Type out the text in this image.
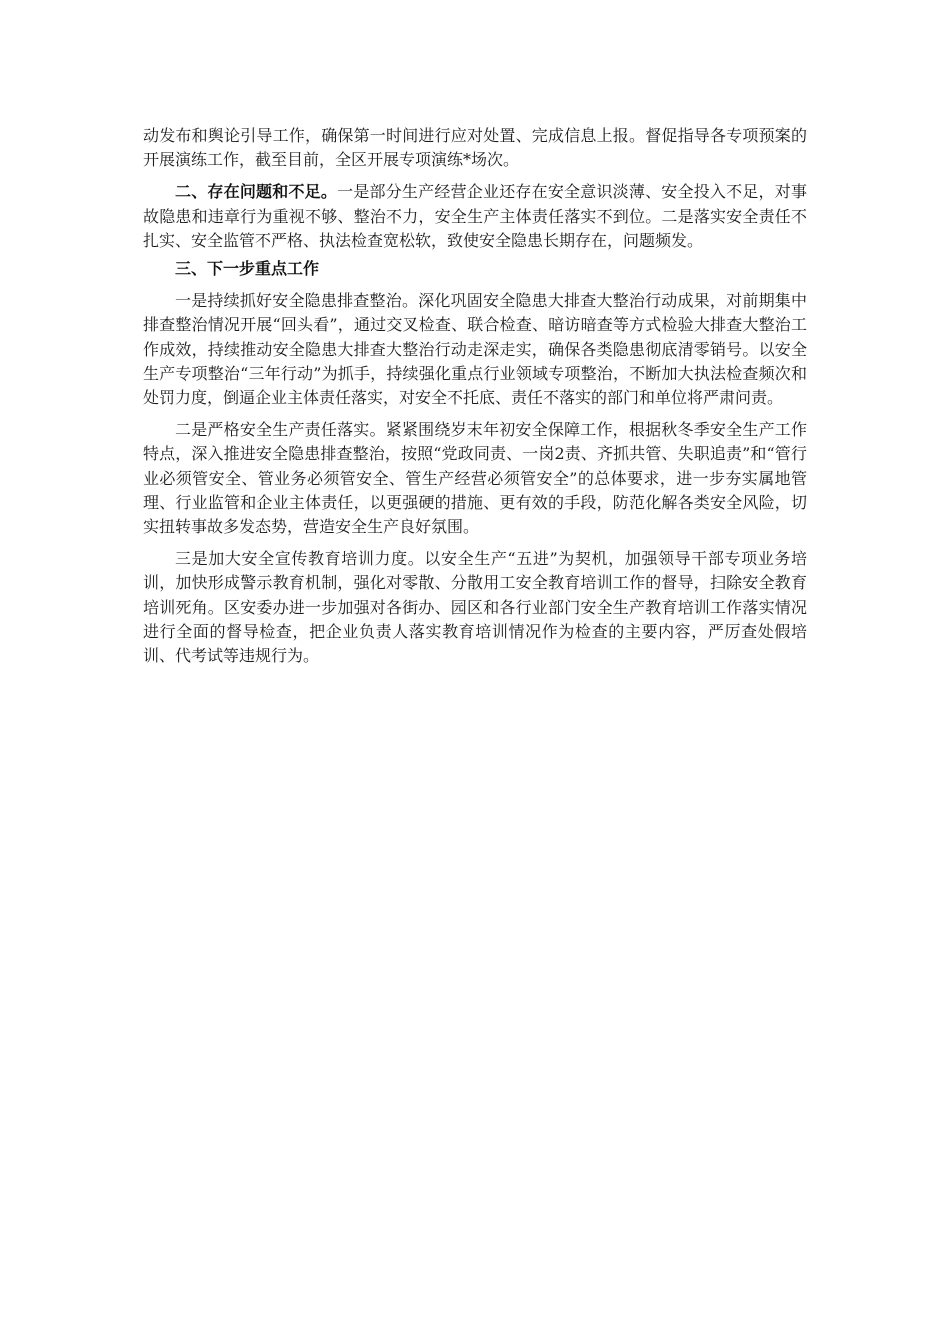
动发布和舆论引导工作，确保第一时间进行应对处置、完成信息上报。督促指导各专项预案的开展演练工作，截至目前，全区开展专项演练*场次。

二、存在问题和不足。一是部分生产经营企业还存在安全意识淡薄、安全投入不足，对事故隐患和违章行为重视不够、整治不力，安全生产主体责任落实不到位。二是落实安全责任不扎实、安全监管不严格、执法检查宽松软，致使安全隐患长期存在，问题频发。

三、下一步重点工作

一是持续抓好安全隐患排查整治。深化巩固安全隐患大排查大整治行动成果，对前期集中排查整治情况开展“回头看”，通过交叉检查、联合检查、暗访暗查等方式检验大排查大整治工作成效，持续推动安全隐患大排查大整治行动走深走实，确保各类隐患彻底清零销号。以安全生产专项整治“三年行动”为抓手，持续强化重点行业领域专项整治，不断加大执法检查频次和处罚力度，倒逼企业主体责任落实，对安全不托底、责任不落实的部门和单位将严肃问责。

二是严格安全生产责任落实。紧紧围绕岁末年初安全保障工作，根据秋冬季安全生产工作特点，深入推进安全隐患排查整治，按照“党政同责、一岗2责、齐抓共管、失职追责”和“管行业必须管安全、管业务必须管安全、管生产经营必须管安全”的总体要求，进一步夯实属地管理、行业监管和企业主体责任，以更强硬的措施、更有效的手段，防范化解各类安全风险，切实扭转事故多发态势，营造安全生产良好氛围。

三是加大安全宣传教育培训力度。以安全生产“五进”为契机，加强领导干部专项业务培训，加快形成警示教育机制，强化对零散、分散用工安全教育培训工作的督导，扫除安全教育培训死角。区安委办进一步加强对各街办、园区和各行业部门安全生产教育培训工作落实情况进行全面的督导检查，把企业负责人落实教育培训情况作为检查的主要内容，严厉查处假培训、代考试等违规行为。
